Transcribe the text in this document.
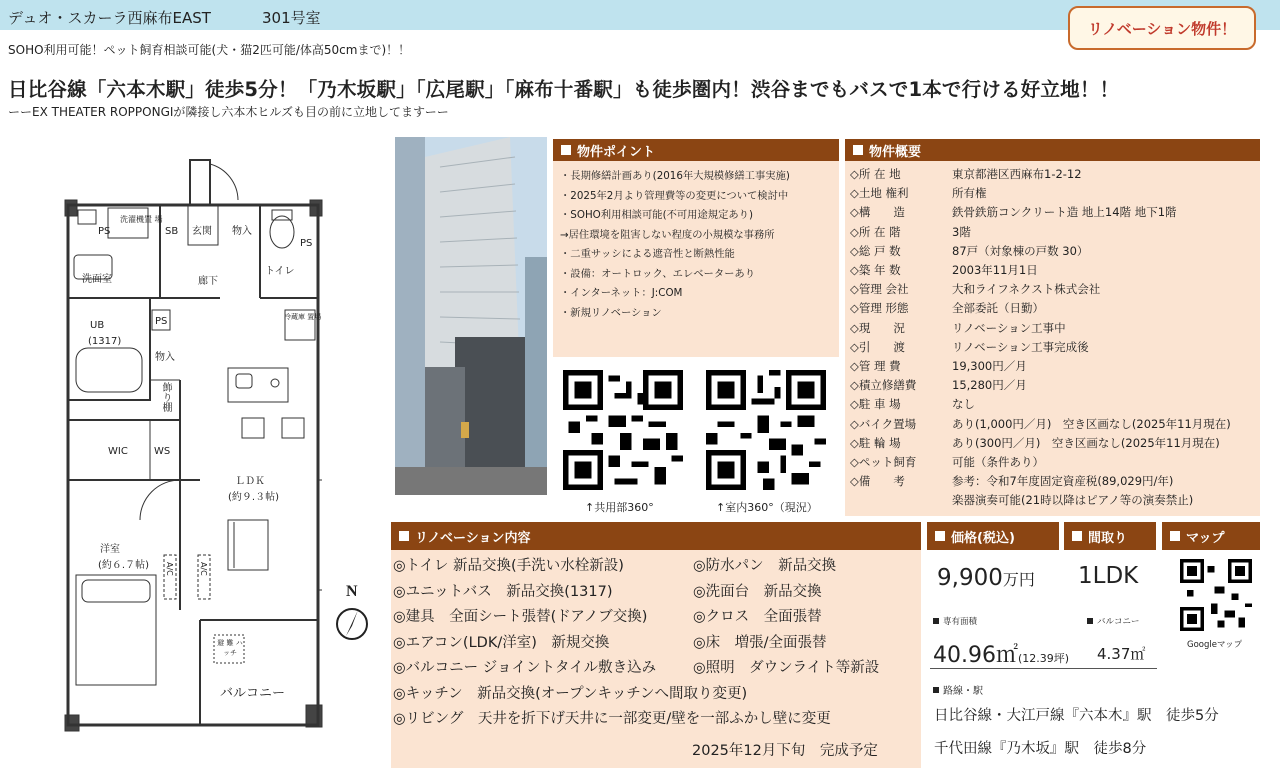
デュオ・スカーラ西麻布EAST	301号室
リノベーション物件！
SOHO利用可能！ペット飼育相談可能(犬・猫2匹可能/体高50cmまで)！！
日比谷線「六本木駅」徒歩5分！「乃木坂駅」「広尾駅」「麻布十番駅」も徒歩圏内！渋谷までもバスで1本で行ける好立地！！
ーーEX THEATER ROPPONGIが隣接し六本木ヒルズも目の前に立地してますーー
PS
洗濯機置 場
SB 玄関 物入
PS
洗面室
トイレ
廊下
UB
(1317)
PS	冷蔵庫 置場
物入
飾り棚
WIC	WS
ＬＤＫ
(約９.３帖)
洋室
(約６.７帖) A/C	A/C
避 難 ハッチ
バルコニー
N
物件ポイント
・長期修繕計画あり(2016年大規模修繕工事実施)
・2025年2月より管理費等の変更について検討中
・SOHO利用相談可能(不可用途規定あり)
→居住環境を阻害しない程度の小規模な事務所
・二重サッシによる遮音性と断熱性能
・設備：オートロック、エレベーターあり
・インターネット：J:COM
・新規リノベーション
↑共用部360°	↑室内360°（現況）
物件概要
◇所 在 地	東京都港区西麻布1-2-12
◇土地 権利	所有権
◇構　　造	鉄骨鉄筋コンクリート造 地上14階 地下1階
◇所 在 階	3階
◇総 戸 数	87戸（対象棟の戸数 30）
◇築 年 数	2003年11月1日
◇管理 会社	大和ライフネクスト株式会社
◇管理 形態	全部委託（日勤）
◇現　　況	リノベーション工事中
◇引　　渡	リノベーション工事完成後
◇管 理 費	19,300円／月
◇積立修繕費	15,280円／月
◇駐 車 場	なし
◇バイク置場	あり(1,000円／月)　空き区画なし(2025年11月現在)
◇駐 輪 場	あり(300円／月)　空き区画なし(2025年11月現在)
◇ペット飼育	可能（条件あり）
◇備　　考	参考：令和7年度固定資産税(89,029円/年)
楽器演奏可能(21時以降はピアノ等の演奏禁止)
リノベーション内容
◎トイレ 新品交換(手洗い水栓新設)
◎ユニットバス　新品交換(1317)
◎建具　全面シート張替(ドアノブ交換)
◎エアコン(LDK/洋室)　新規交換
◎バルコニー ジョイントタイル敷き込み
◎キッチン　新品交換(オープンキッチンへ間取り変更)
◎リビング　天井を折下げ天井に一部変更/壁を一部ふかし壁に変更
◎防水パン　新品交換
◎洗面台　新品交換
◎クロス　全面張替
◎床　増張/全面張替
◎照明　ダウンライト等新設
2025年12月下旬　完成予定
価格(税込)	間取り	マップ
9,900万円 1LDK
専有面積	バルコニー
40.96㎡(12.39坪) 4.37㎡	Googleマップ
路線・駅
日比谷線・大江戸線『六本木』駅　徒歩5分
千代田線『乃木坂』駅　徒歩8分
